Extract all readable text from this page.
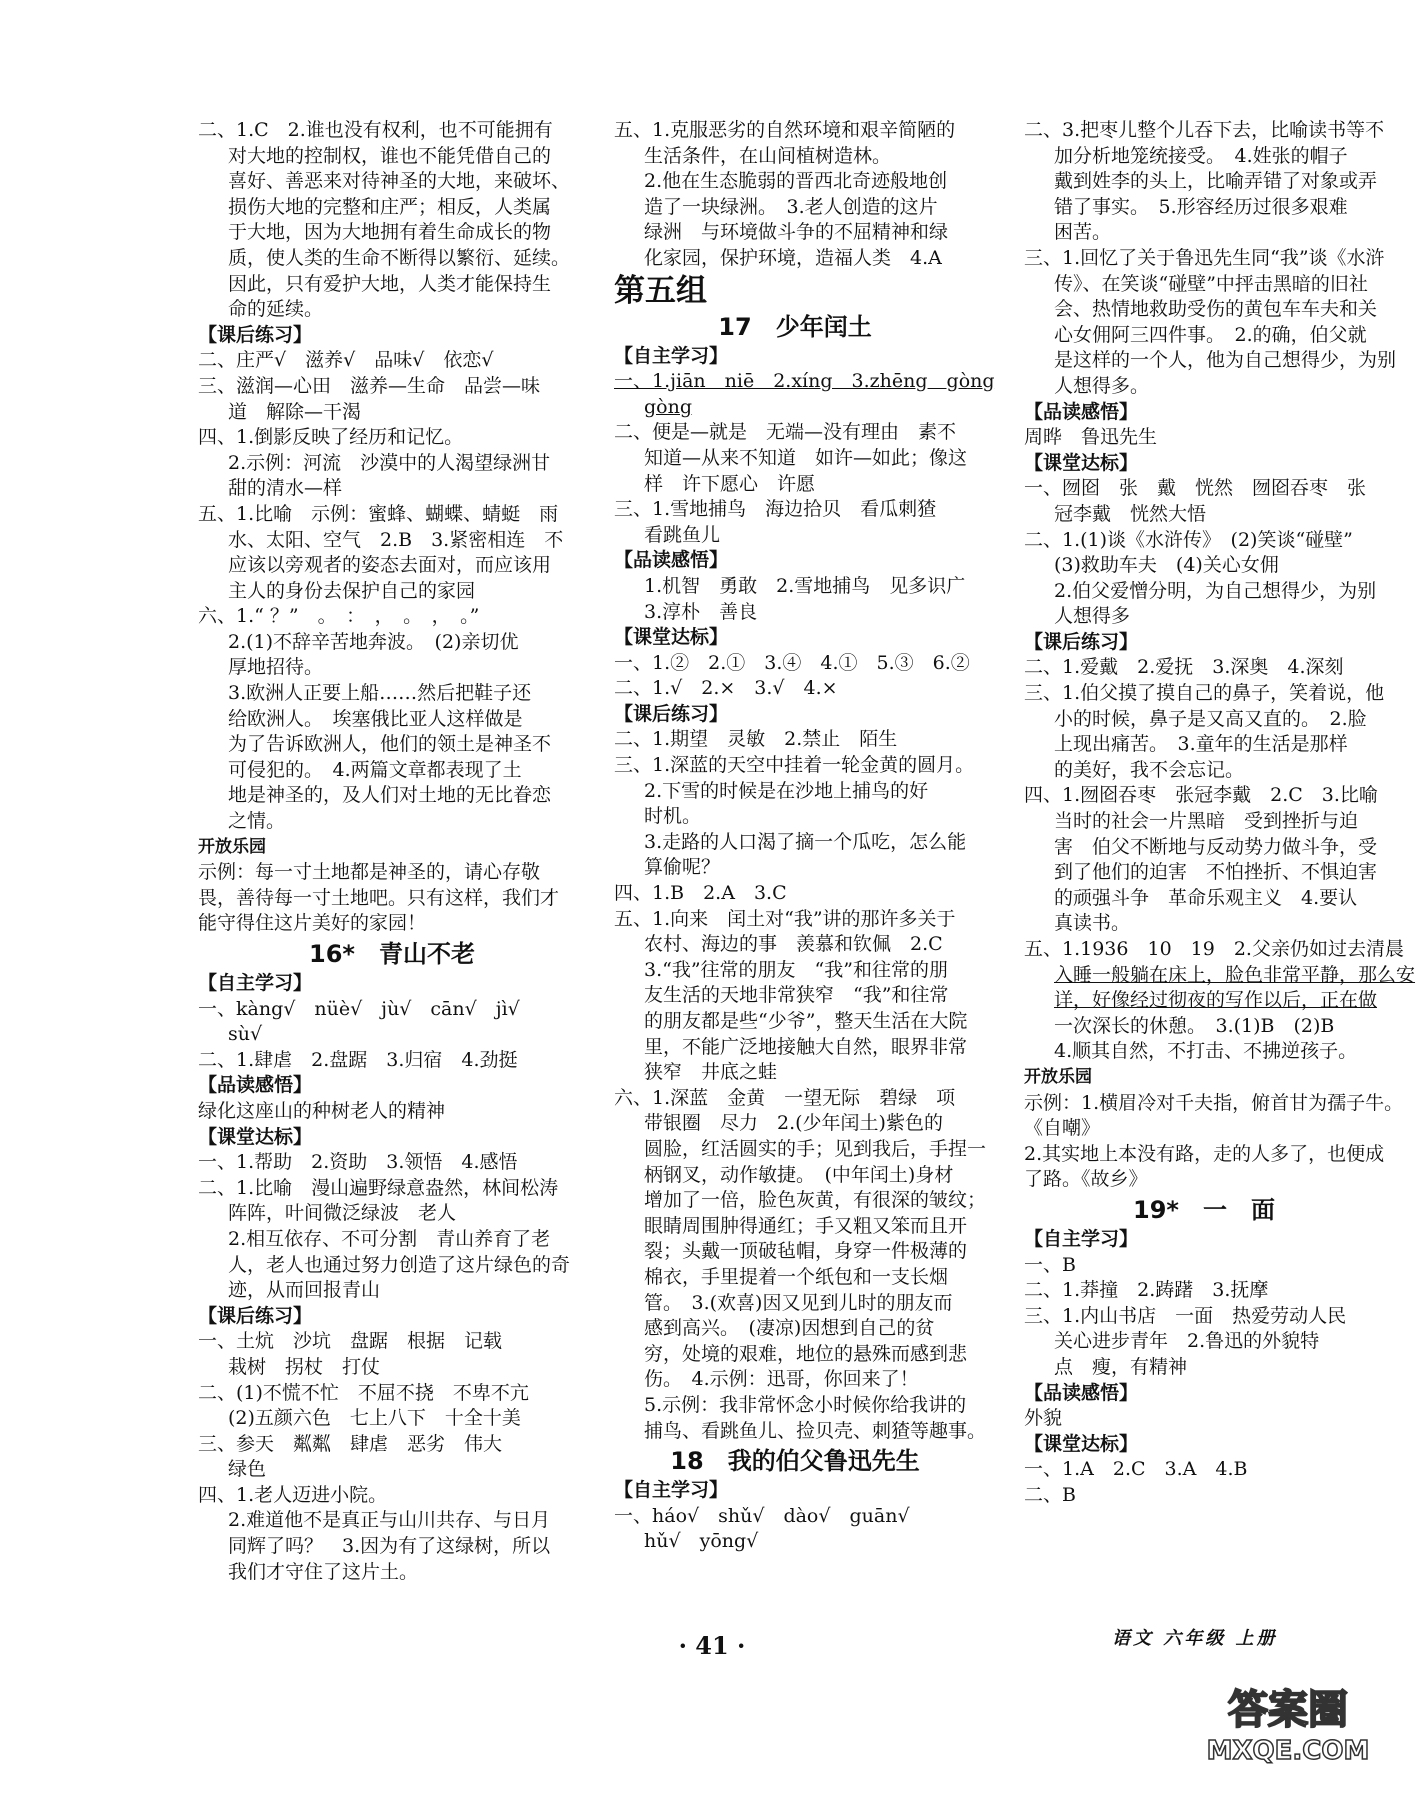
二、1.C　2.谁也没有权利，也不可能拥有
对大地的控制权，谁也不能凭借自己的
喜好、善恶来对待神圣的大地，来破坏、
损伤大地的完整和庄严；相反，人类属
于大地，因为大地拥有着生命成长的物
质，使人类的生命不断得以繁衍、延续。
因此，只有爱护大地，人类才能保持生
命的延续。
【课后练习】
二、庄严√　滋养√　品味√　依恋√
三、滋润—心田　滋养—生命　品尝—味
道　解除—干渴
四、1.倒影反映了经历和记忆。
2.示例：河流　沙漠中的人渴望绿洲甘
甜的清水—样
五、1.比喻　示例：蜜蜂、蝴蝶、蜻蜓　雨
水、太阳、空气　2.B　3.紧密相连　不
应该以旁观者的姿态去面对，而应该用
主人的身份去保护自己的家园
六、1.“ ？”　。　：　，　。　，　。”
2.(1)不辞辛苦地奔波。　(2)亲切优
厚地招待。
3.欧洲人正要上船……然后把鞋子还
给欧洲人。　埃塞俄比亚人这样做是
为了告诉欧洲人，他们的领土是神圣不
可侵犯的。　4.两篇文章都表现了土
地是神圣的，及人们对土地的无比眷恋
之情。
开放乐园
示例：每一寸土地都是神圣的，请心存敬
畏，善待每一寸土地吧。只有这样，我们才
能守得住这片美好的家园！
16*　青山不老
【自主学习】
一、kàng√　nüè√　jù√　cān√　jì√
sù√
二、1.肆虐　2.盘踞　3.归宿　4.劲挺
【品读感悟】
绿化这座山的种树老人的精神
【课堂达标】
一、1.帮助　2.资助　3.领悟　4.感悟
二、1.比喻　漫山遍野绿意盎然，林间松涛
阵阵，叶间微泛绿波　老人
2.相互依存、不可分割　青山养育了老
人，老人也通过努力创造了这片绿色的奇
迹，从而回报青山
【课后练习】
一、土炕　沙坑　盘踞　根据　记载
栽树　拐杖　打仗
二、(1)不慌不忙　不屈不挠　不卑不亢
(2)五颜六色　七上八下　十全十美
三、参天　粼粼　肆虐　恶劣　伟大
绿色
四、1.老人迈进小院。
2.难道他不是真正与山川共存、与日月
同辉了吗？　3.因为有了这绿树，所以
我们才守住了这片土。
五、1.克服恶劣的自然环境和艰辛简陋的
生活条件，在山间植树造林。
2.他在生态脆弱的晋西北奇迹般地创
造了一块绿洲。　3.老人创造的这片
绿洲　与环境做斗争的不屈精神和绿
化家园，保护环境，造福人类　4.A
第五组
17　少年闰土
【自主学习】
一、1.jiān　niē　2.xíng　3.zhēng　gòng
gòng
二、便是—就是　无端—没有理由　素不
知道—从来不知道　如许—如此；像这
样　许下愿心　许愿
三、1.雪地捕鸟　海边拾贝　看瓜刺猹
看跳鱼儿
【品读感悟】
1.机智　勇敢　2.雪地捕鸟　见多识广
3.淳朴　善良
【课堂达标】
一、1.②　2.①　3.④　4.①　5.③　6.②
二、1.√　2.×　3.√　4.×
【课后练习】
二、1.期望　灵敏　2.禁止　陌生
三、1.深蓝的天空中挂着一轮金黄的圆月。
2.下雪的时候是在沙地上捕鸟的好
时机。
3.走路的人口渴了摘一个瓜吃，怎么能
算偷呢？
四、1.B　2.A　3.C
五、1.向来　闰土对“我”讲的那许多关于
农村、海边的事　羡慕和钦佩　2.C
3.“我”往常的朋友　“我”和往常的朋
友生活的天地非常狭窄　“我”和往常
的朋友都是些“少爷”，整天生活在大院
里，不能广泛地接触大自然，眼界非常
狭窄　井底之蛙
六、1.深蓝　金黄　一望无际　碧绿　项
带银圈　尽力　2.(少年闰土)紫色的
圆脸，红活圆实的手；见到我后，手捏一
柄钢叉，动作敏捷。　(中年闰土)身材
增加了一倍，脸色灰黄，有很深的皱纹；
眼睛周围肿得通红；手又粗又笨而且开
裂；头戴一顶破毡帽，身穿一件极薄的
棉衣，手里提着一个纸包和一支长烟
管。　3.(欢喜)因又见到儿时的朋友而
感到高兴。　(凄凉)因想到自己的贫
穷，处境的艰难，地位的悬殊而感到悲
伤。　4.示例：迅哥，你回来了！
5.示例：我非常怀念小时候你给我讲的
捕鸟、看跳鱼儿、捡贝壳、刺猹等趣事。
18　我的伯父鲁迅先生
【自主学习】
一、háo√　shǔ√　dào√　guān√
hǔ√　yōng√
二、3.把枣儿整个儿吞下去，比喻读书等不
加分析地笼统接受。　4.姓张的帽子
戴到姓李的头上，比喻弄错了对象或弄
错了事实。　5.形容经历过很多艰难
困苦。
三、1.回忆了关于鲁迅先生同“我”谈《水浒
传》、在笑谈“碰壁”中抨击黑暗的旧社
会、热情地救助受伤的黄包车车夫和关
心女佣阿三四件事。　2.的确，伯父就
是这样的一个人，他为自己想得少，为别
人想得多。
【品读感悟】
周晔　鲁迅先生
【课堂达标】
一、囫囵　张　戴　恍然　囫囵吞枣　张
冠李戴　恍然大悟
二、1.(1)谈《水浒传》　(2)笑谈“碰壁”
(3)救助车夫　(4)关心女佣
2.伯父爱憎分明，为自己想得少，为别
人想得多
【课后练习】
二、1.爱戴　2.爱抚　3.深奥　4.深刻
三、1.伯父摸了摸自己的鼻子，笑着说，他
小的时候，鼻子是又高又直的。　2.脸
上现出痛苦。　3.童年的生活是那样
的美好，我不会忘记。
四、1.囫囵吞枣　张冠李戴　2.C　3.比喻
当时的社会一片黑暗　受到挫折与迫
害　伯父不断地与反动势力做斗争，受
到了他们的迫害　不怕挫折、不惧迫害
的顽强斗争　革命乐观主义　4.要认
真读书。
五、1.1936　10　19　2.父亲仍如过去清晨
入睡一般躺在床上，脸色非常平静，那么安
详，好像经过彻夜的写作以后，正在做
一次深长的休憩。　3.(1)B　(2)B
4.顺其自然，不打击、不拂逆孩子。
开放乐园
示例：1.横眉冷对千夫指，俯首甘为孺子牛。
《自嘲》
2.其实地上本没有路，走的人多了，也便成
了路。《故乡》
19*　一　面
【自主学习】
一、B
二、1.莽撞　2.踌躇　3.抚摩
三、1.内山书店　一面　热爱劳动人民
关心进步青年　2.鲁迅的外貌特
点　瘦，有精神
【品读感悟】
外貌
【课堂达标】
一、1.A　2.C　3.A　4.B
二、B
· 41 ·	语文 六年级 上册
答案圈
MXQE.COM
